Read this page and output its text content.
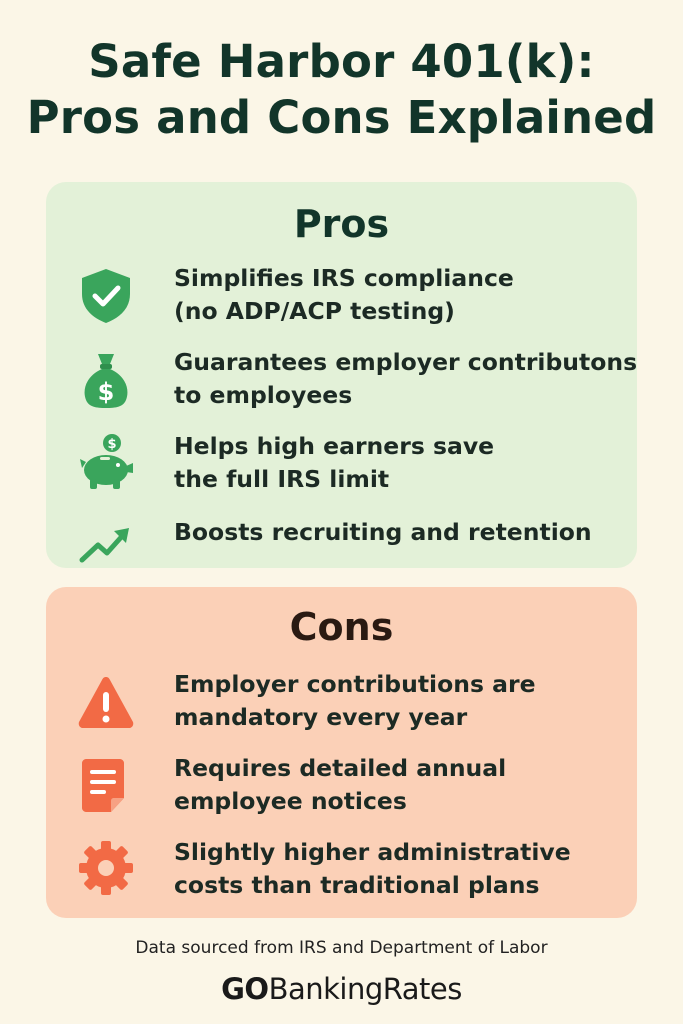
Safe Harbor 401(k):
Pros and Cons Explained
Pros
Simplifies IRS compliance
(no ADP/ACP testing)
$
Guarantees employer contributons
to employees
$ Helps high earners save
the full IRS limit
Boosts recruiting and retention
Cons
Employer contributions are
mandatory every year
Requires detailed annual
employee notices
Slightly higher administrative
costs than traditional plans
Data sourced from IRS and Department of Labor
GOBankingRates
